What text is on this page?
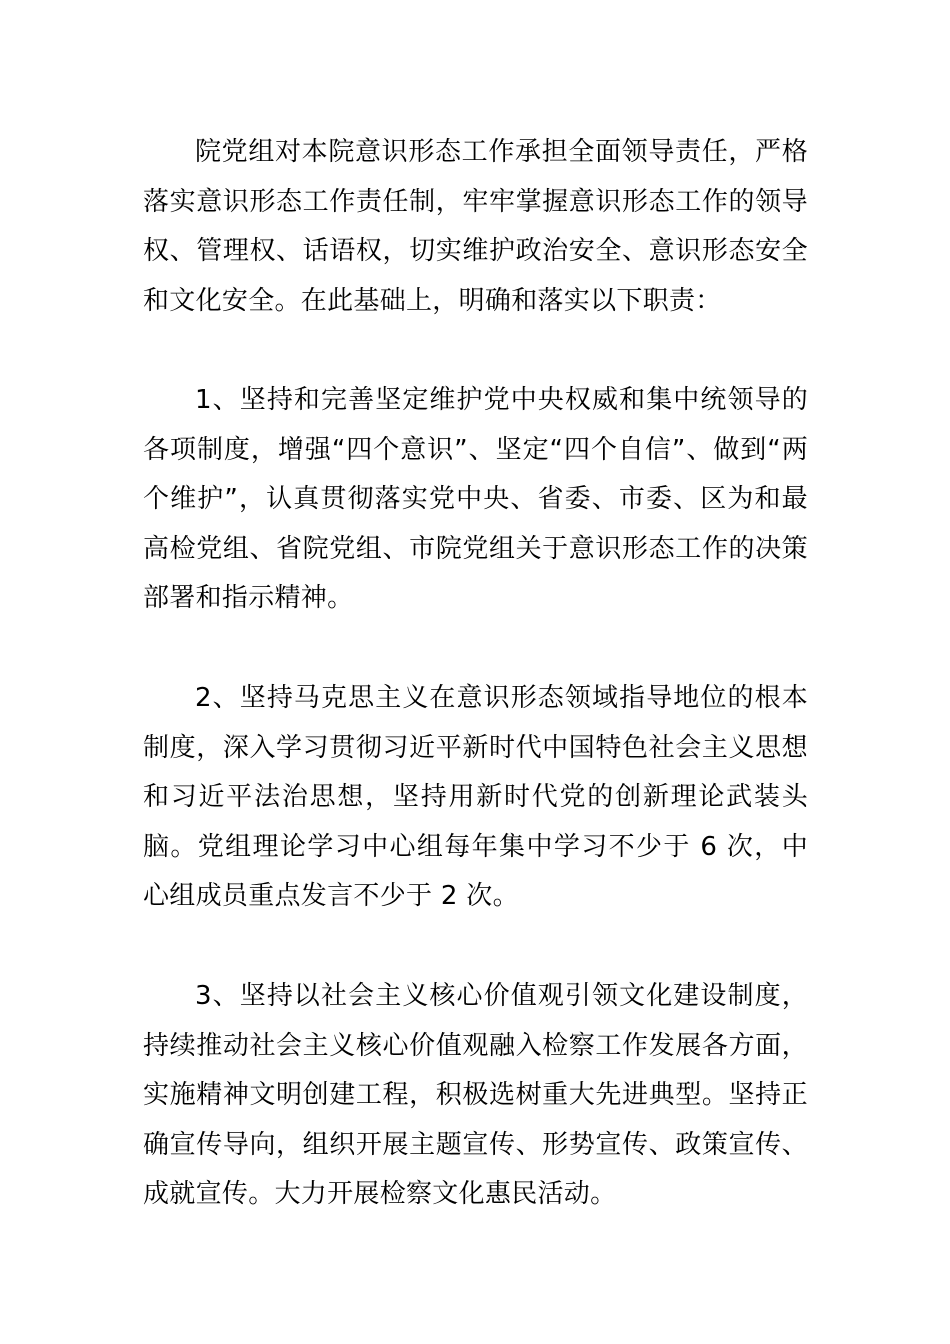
院党组对本院意识形态工作承担全面领导责任，严格落实意识形态工作责任制，牢牢掌握意识形态工作的领导权、管理权、话语权，切实维护政治安全、意识形态安全和文化安全。在此基础上，明确和落实以下职责：

1、坚持和完善坚定维护党中央权威和集中统领导的各项制度，增强“四个意识”、坚定“四个自信”、做到“两个维护”，认真贯彻落实党中央、省委、市委、区为和最高检党组、省院党组、市院党组关于意识形态工作的决策部署和指示精神。

2、坚持马克思主义在意识形态领域指导地位的根本制度，深入学习贯彻习近平新时代中国特色社会主义思想和习近平法治思想，坚持用新时代党的创新理论武装头脑。党组理论学习中心组每年集中学习不少于 6 次，中心组成员重点发言不少于 2 次。

3、坚持以社会主义核心价值观引领文化建设制度，持续推动社会主义核心价值观融入检察工作发展各方面，实施精神文明创建工程，积极选树重大先进典型。坚持正确宣传导向，组织开展主题宣传、形势宣传、政策宣传、成就宣传。大力开展检察文化惠民活动。
